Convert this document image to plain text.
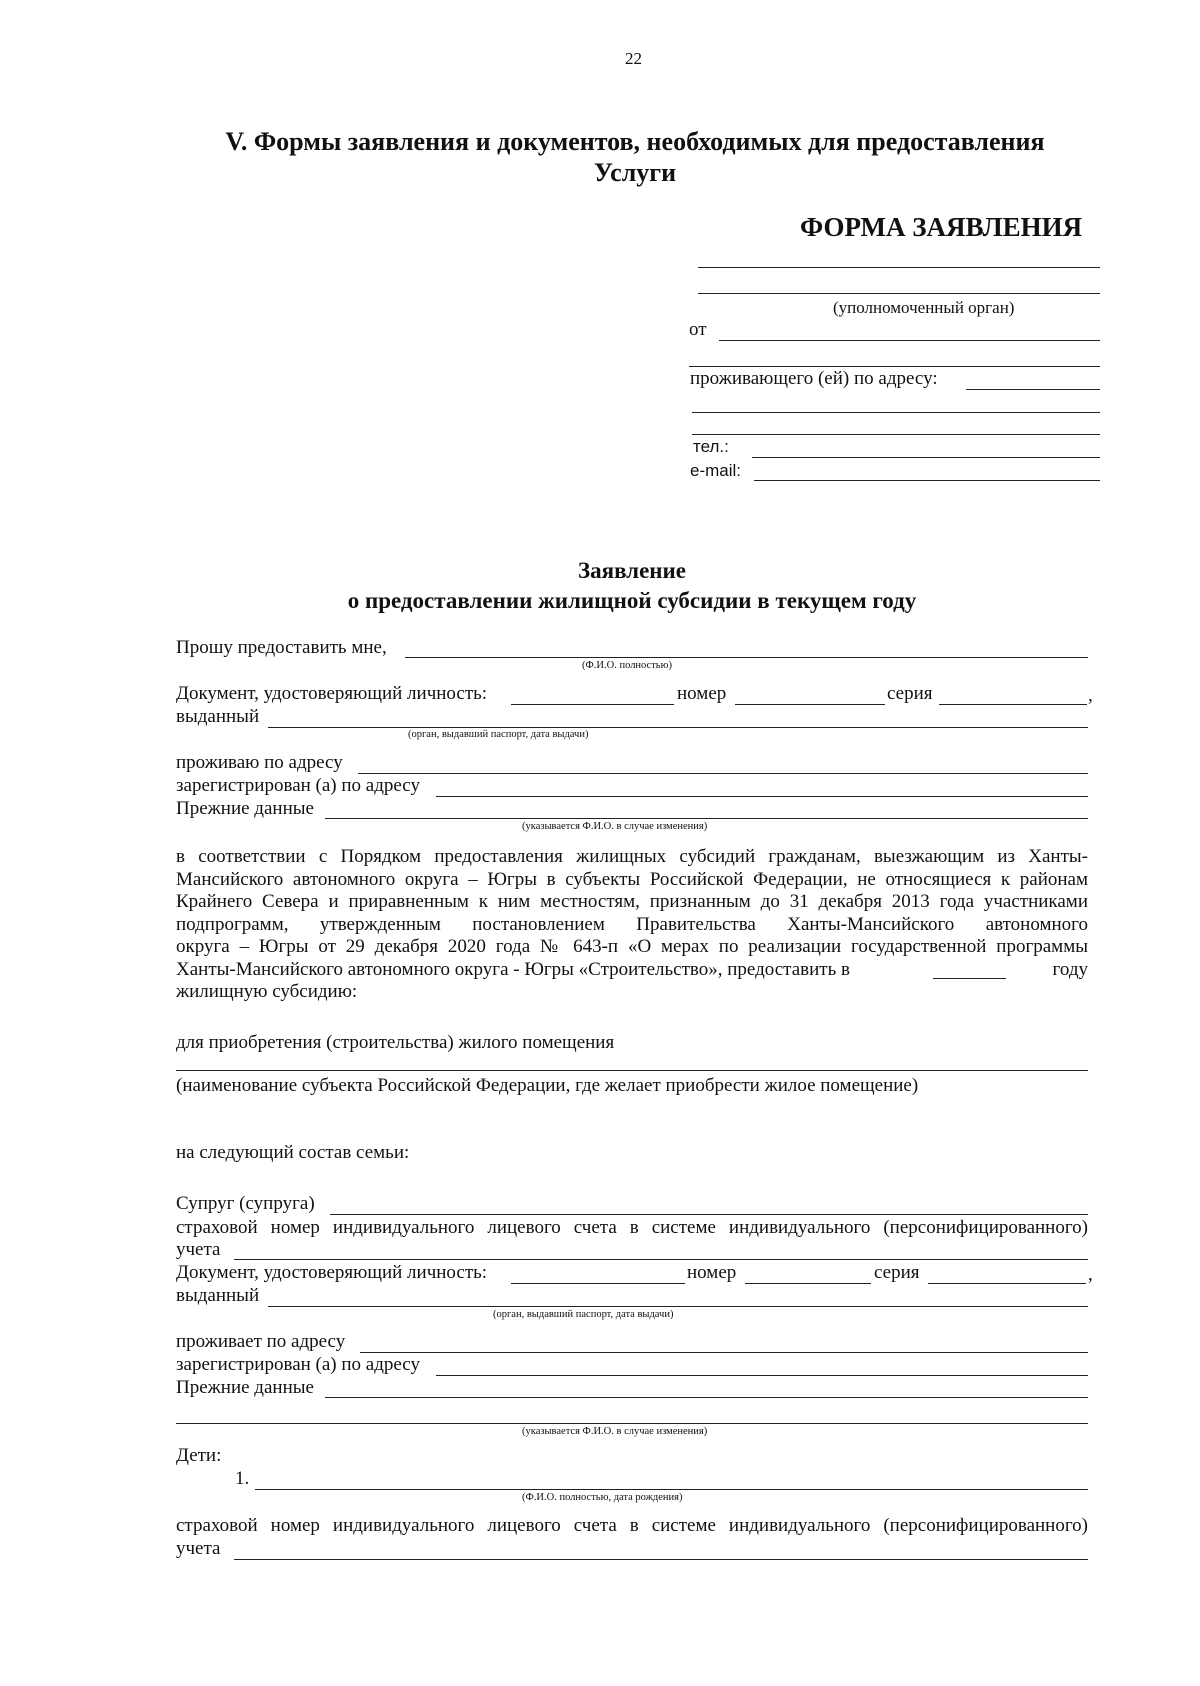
22
V. Формы заявления и документов, необходимых для предоставления
Услуги
ФОРМА ЗАЯВЛЕНИЯ
(уполномоченный орган)
от
проживающего (ей) по адресу:
тел.:
e-mail:
Заявление
о предоставлении жилищной субсидии в текущем году
Прошу предоставить мне,
(Ф.И.О. полностью)
Документ, удостоверяющий личность:	номер	серия	,
выданный
(орган, выдавший паспорт, дата выдачи)
проживаю по адресу
зарегистрирован (а) по адресу
Прежние данные
(указывается Ф.И.О. в случае изменения)
в соответствии с Порядком предоставления жилищных субсидий гражданам, выезжающим из Ханты-
Мансийского автономного округа – Югры в субъекты Российской Федерации, не относящиеся к районам
Крайнего Севера и приравненным к ним местностям, признанным до 31 декабря 2013 года участниками
подпрограмм, утвержденным постановлением Правительства Ханты-Мансийского автономного
округа – Югры от 29 декабря 2020 года № 643-п «О мерах по реализации государственной программы
Ханты-Мансийского автономного округа - Югры «Строительство», предоставить в	году
жилищную субсидию:
для приобретения (строительства) жилого помещения
(наименование субъекта Российской Федерации, где желает приобрести жилое помещение)
на следующий состав семьи:
Супруг (супруга)
страховой номер индивидуального лицевого счета в системе индивидуального (персонифицированного)
учета
Документ, удостоверяющий личность:	номер	серия	,
выданный
(орган, выдавший паспорт, дата выдачи)
проживает по адресу
зарегистрирован (а) по адресу
Прежние данные
(указывается Ф.И.О. в случае изменения)
Дети:
1.
(Ф.И.О. полностью, дата рождения)
страховой номер индивидуального лицевого счета в системе индивидуального (персонифицированного)
учета
